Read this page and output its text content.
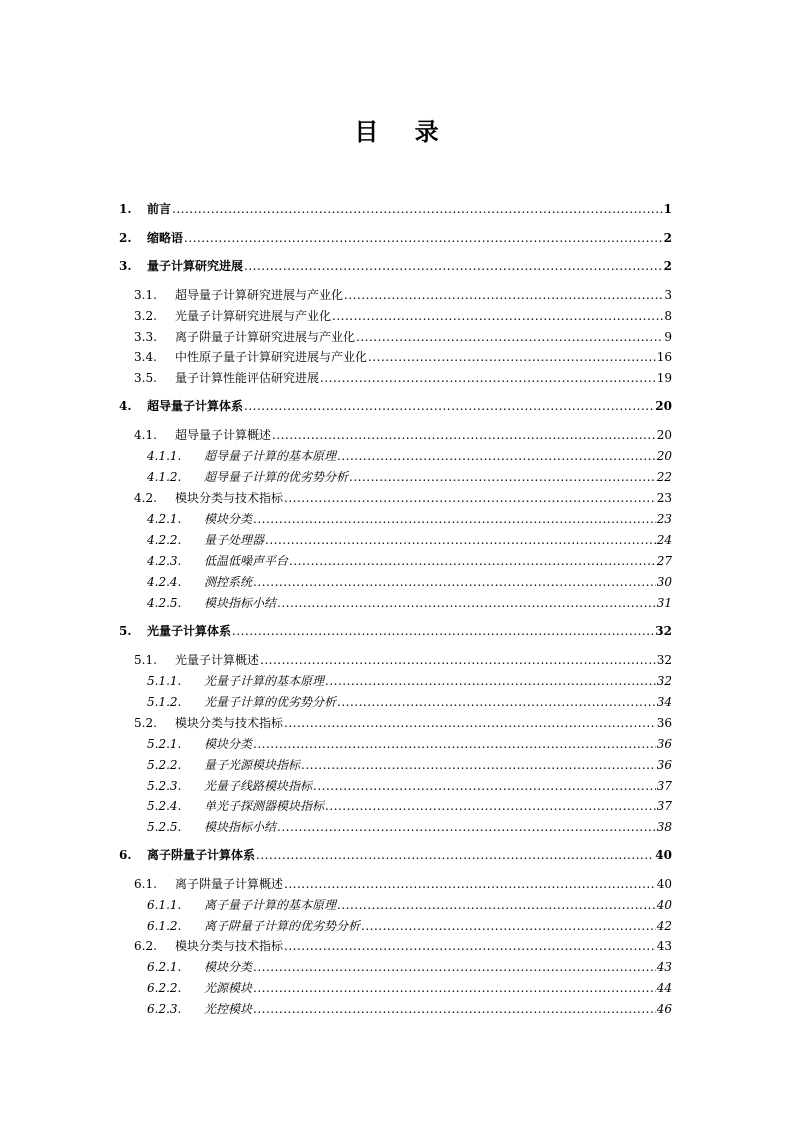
目 录
1.	前言 .....	1
2.	缩略语 .....	2
3.	量子计算研究进展 .....	2
3.1.	超导量子计算研究进展与产业化 .....	3
3.2.	光量子计算研究进展与产业化 .....	8
3.3.	离子阱量子计算研究进展与产业化 .....	9
3.4.	中性原子量子计算研究进展与产业化 .....	16
3.5.	量子计算性能评估研究进展 .....	19
4.	超导量子计算体系 .....	20
4.1.	超导量子计算概述 .....	20
4.1.1.	超导量子计算的基本原理 .....	20
4.1.2.	超导量子计算的优劣势分析 .....	22
4.2.	模块分类与技术指标 .....	23
4.2.1.	模块分类 .....	23
4.2.2.	量子处理器 .....	24
4.2.3.	低温低噪声平台 .....	27
4.2.4.	测控系统 .....	30
4.2.5.	模块指标小结 .....	31
5.	光量子计算体系 .....	32
5.1.	光量子计算概述 .....	32
5.1.1.	光量子计算的基本原理 .....	32
5.1.2.	光量子计算的优劣势分析 .....	34
5.2.	模块分类与技术指标 .....	36
5.2.1.	模块分类 .....	36
5.2.2.	量子光源模块指标 .....	36
5.2.3.	光量子线路模块指标 .....	37
5.2.4.	单光子探测器模块指标 .....	37
5.2.5.	模块指标小结 .....	38
6.	离子阱量子计算体系 .....	40
6.1.	离子阱量子计算概述 .....	40
6.1.1.	离子量子计算的基本原理 .....	40
6.1.2.	离子阱量子计算的优劣势分析 .....	42
6.2.	模块分类与技术指标 .....	43
6.2.1.	模块分类 .....	43
6.2.2.	光源模块 .....	44
6.2.3.	光控模块 .....	46
